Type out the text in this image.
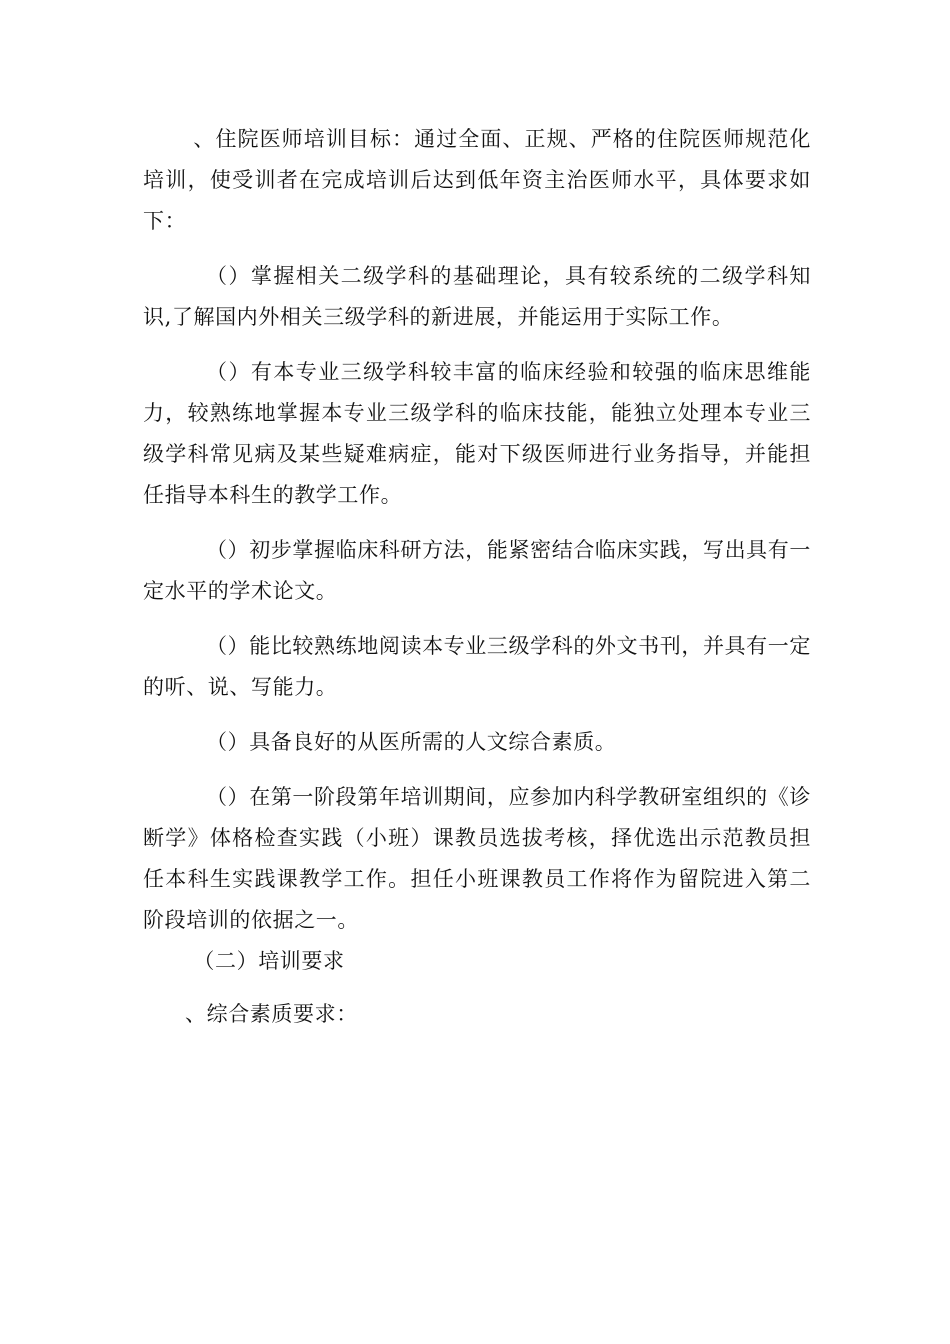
、住院医师培训目标：通过全面、正规、严格的住院医师规范化培训，使受训者在完成培训后达到低年资主治医师水平，具体要求如下：

（）掌握相关二级学科的基础理论，具有较系统的二级学科知识,了解国内外相关三级学科的新进展，并能运用于实际工作。

（）有本专业三级学科较丰富的临床经验和较强的临床思维能力，较熟练地掌握本专业三级学科的临床技能，能独立处理本专业三级学科常见病及某些疑难病症，能对下级医师进行业务指导，并能担任指导本科生的教学工作。

（）初步掌握临床科研方法，能紧密结合临床实践，写出具有一定水平的学术论文。

（）能比较熟练地阅读本专业三级学科的外文书刊，并具有一定的听、说、写能力。

（）具备良好的从医所需的人文综合素质。

（）在第一阶段第年培训期间，应参加内科学教研室组织的《诊断学》体格检查实践（小班）课教员选拔考核，择优选出示范教员担任本科生实践课教学工作。担任小班课教员工作将作为留院进入第二阶段培训的依据之一。

（二）培训要求

、综合素质要求：
